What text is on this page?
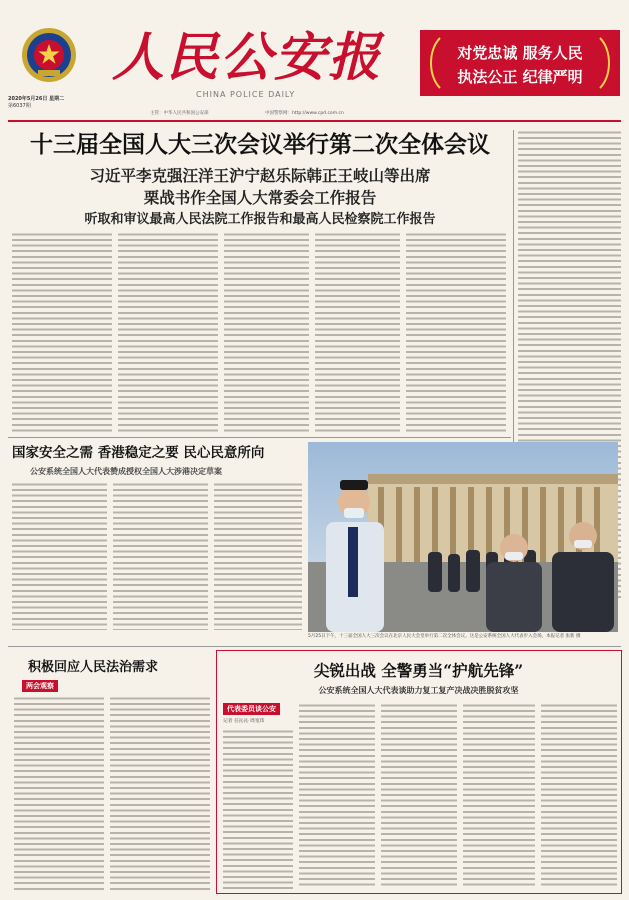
2020年5月26日 星期二
第6037期
人民公安报
CHINA POLICE DAILY
主管：中华人民共和国公安部	中国警察网：http://www.cpd.com.cn
对党忠诚 服务人民
执法公正 纪律严明
十三届全国人大三次会议举行第二次全体会议
习近平李克强汪洋王沪宁赵乐际韩正王岐山等出席
栗战书作全国人大常委会工作报告
听取和审议最高人民法院工作报告和最高人民检察院工作报告
国家安全之需 香港稳定之要 民心民意所向
公安系统全国人大代表赞成授权全国人大涉港决定草案
5月25日下午，十三届全国人大三次会议在北京人民大会堂举行第二次全体会议。这是公安系统全国人大代表步入会场。本报记者 张新 摄
积极回应人民法治需求
两会观察
尖锐出战 全警勇当“护航先锋”
公安系统全国人大代表谈助力复工复产决战决胜脱贫攻坚
代表委员谈公安
记者 任沁沁 周宽玮
